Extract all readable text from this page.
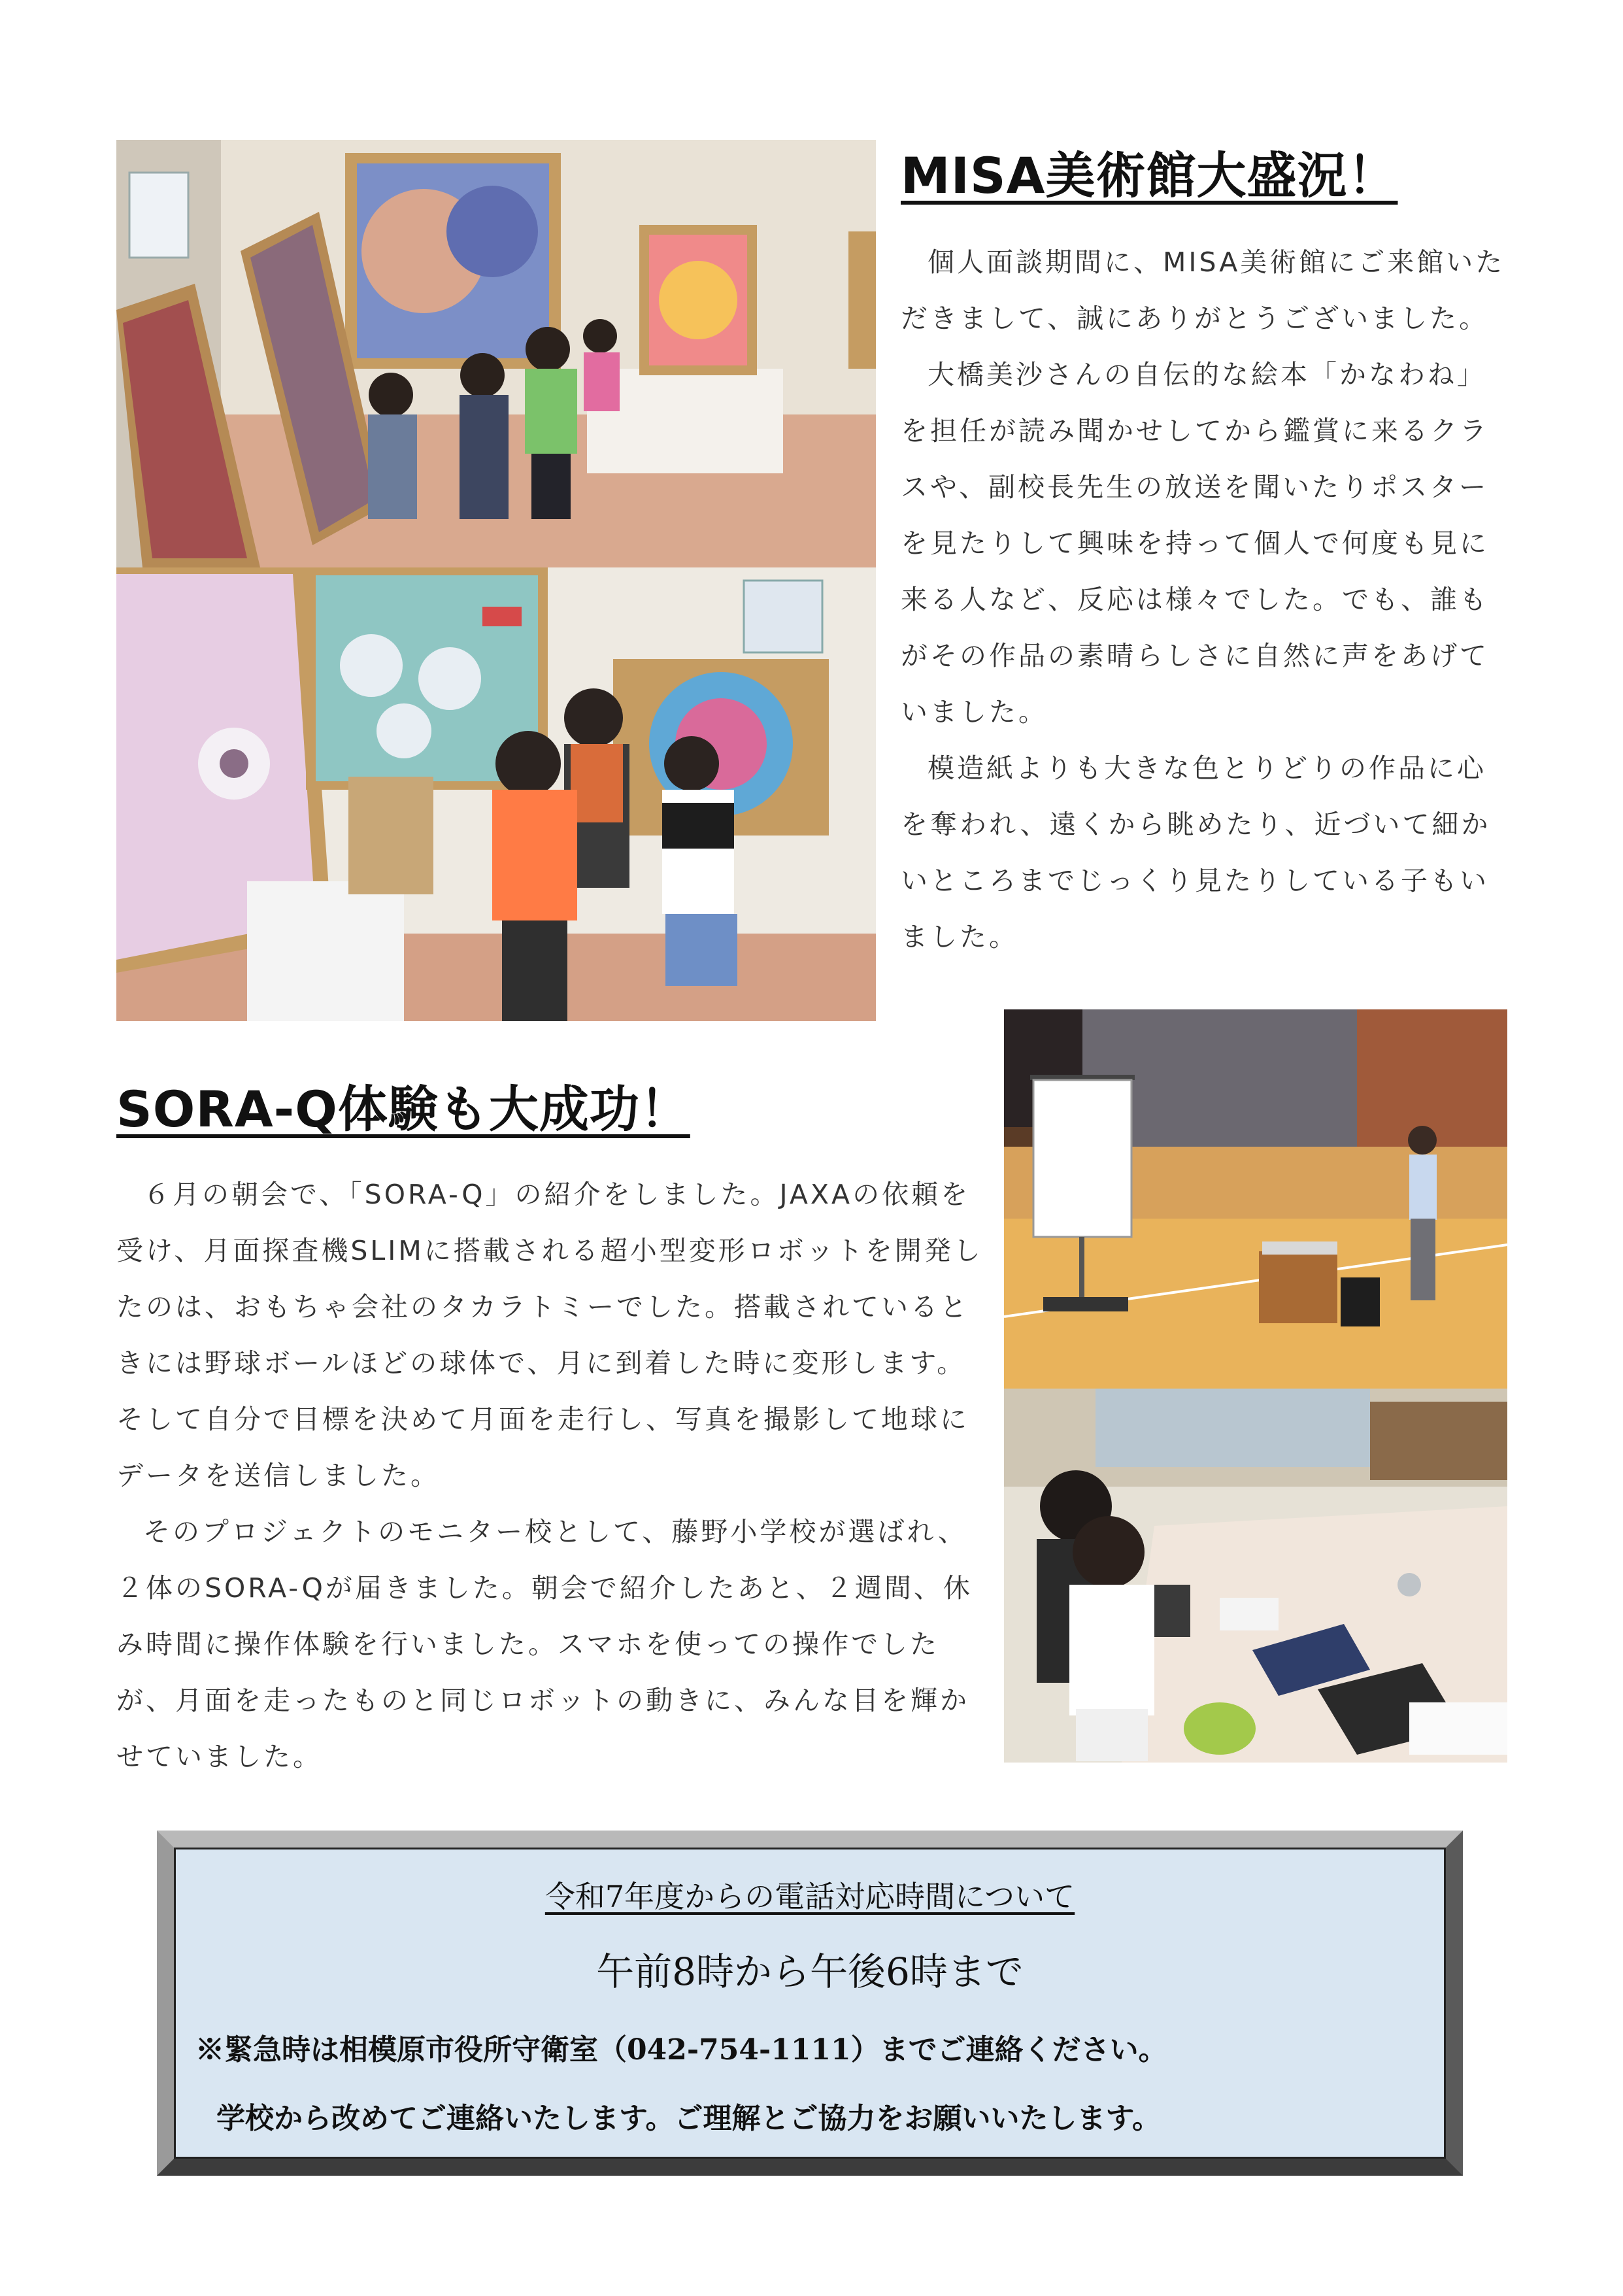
MISA美術館大盛況！

個人面談期間に、MISA美術館にご来館いただきまして、誠にありがとうございました。

大橋美沙さんの自伝的な絵本「かなわね」を担任が読み聞かせしてから鑑賞に来るクラスや、副校長先生の放送を聞いたりポスターを見たりして興味を持って個人で何度も見に来る人など、反応は様々でした。でも、誰もがその作品の素晴らしさに自然に声をあげていました。

模造紙よりも大きな色とりどりの作品に心を奪われ、遠くから眺めたり、近づいて細かいところまでじっくり見たりしている子もいました。

SORA-Q体験も大成功！

６月の朝会で、「SORA-Q」の紹介をしました。JAXAの依頼を受け、月面探査機SLIMに搭載される超小型変形ロボットを開発したのは、おもちゃ会社のタカラトミーでした。搭載されているときには野球ボールほどの球体で、月に到着した時に変形します。そして自分で目標を決めて月面を走行し、写真を撮影して地球にデータを送信しました。

そのプロジェクトのモニター校として、藤野小学校が選ばれ、２体のSORA-Qが届きました。朝会で紹介したあと、２週間、休み時間に操作体験を行いました。スマホを使っての操作でしたが、月面を走ったものと同じロボットの動きに、みんな目を輝かせていました。

令和7年度からの電話対応時間について
午前8時から午後6時まで
※緊急時は相模原市役所守衛室（042-754-1111）までご連絡ください。
学校から改めてご連絡いたします。ご理解とご協力をお願いいたします。
